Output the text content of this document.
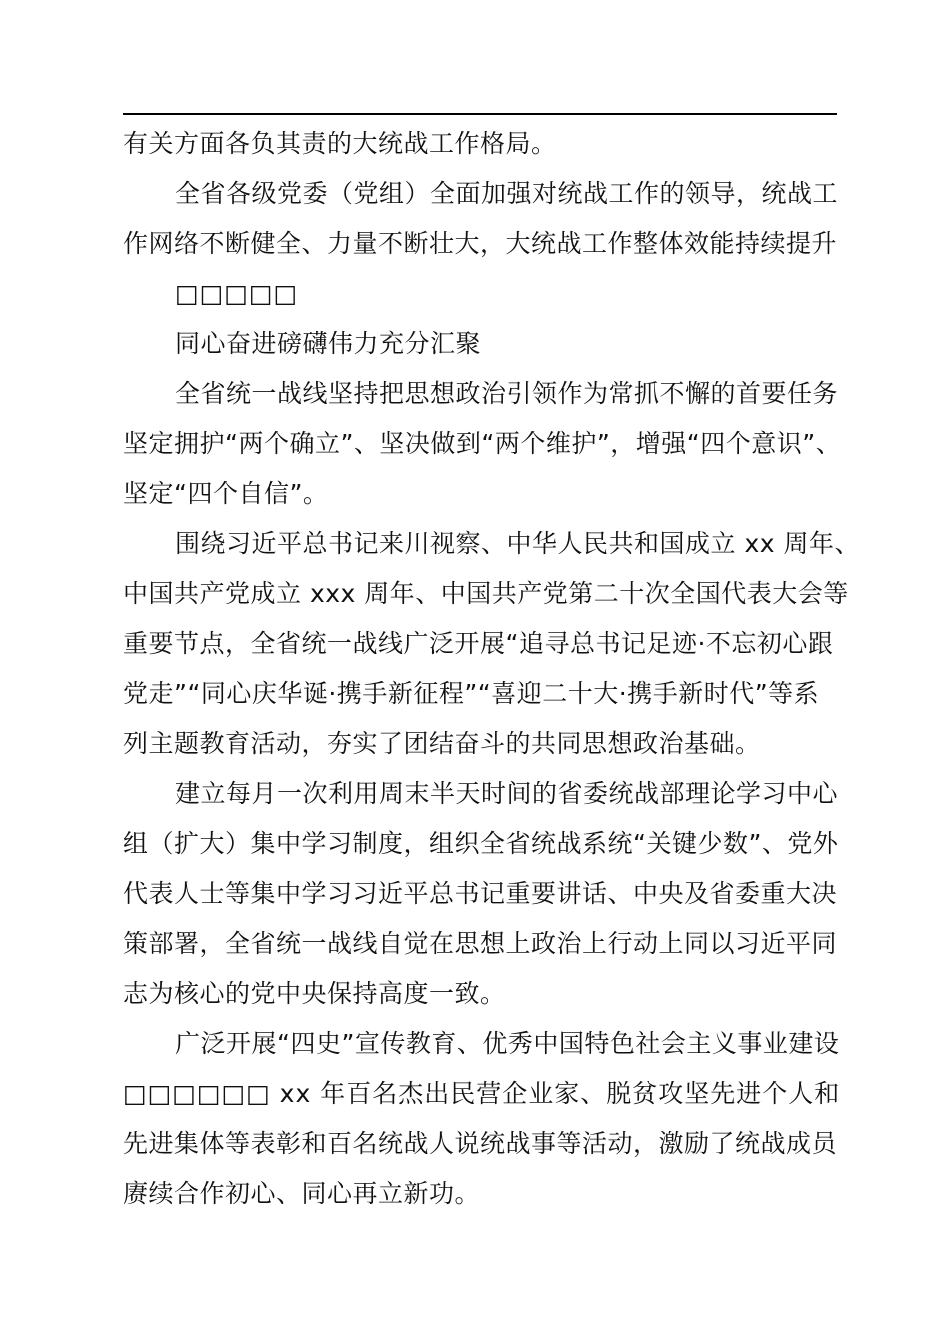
有关方面各负其责的大统战工作格局。
全省各级党委（党组）全面加强对统战工作的领导，统战工
作网络不断健全、力量不断壮大，大统战工作整体效能持续提升
□□□□□
同心奋进磅礴伟力充分汇聚
全省统一战线坚持把思想政治引领作为常抓不懈的首要任务
坚定拥护“两个确立”、坚决做到“两个维护”，增强“四个意识”、
坚定“四个自信”。
围绕习近平总书记来川视察、中华人民共和国成立 xx 周年、
中国共产党成立 xxx 周年、中国共产党第二十次全国代表大会等
重要节点，全省统一战线广泛开展“追寻总书记足迹·不忘初心跟
党走”“同心庆华诞·携手新征程”“喜迎二十大·携手新时代”等系
列主题教育活动，夯实了团结奋斗的共同思想政治基础。
建立每月一次利用周末半天时间的省委统战部理论学习中心
组（扩大）集中学习制度，组织全省统战系统“关键少数”、党外
代表人士等集中学习习近平总书记重要讲话、中央及省委重大决
策部署，全省统一战线自觉在思想上政治上行动上同以习近平同
志为核心的党中央保持高度一致。
广泛开展“四史”宣传教育、优秀中国特色社会主义事业建设
□□□□□□ xx 年百名杰出民营企业家、脱贫攻坚先进个人和
先进集体等表彰和百名统战人说统战事等活动，激励了统战成员
赓续合作初心、同心再立新功。
